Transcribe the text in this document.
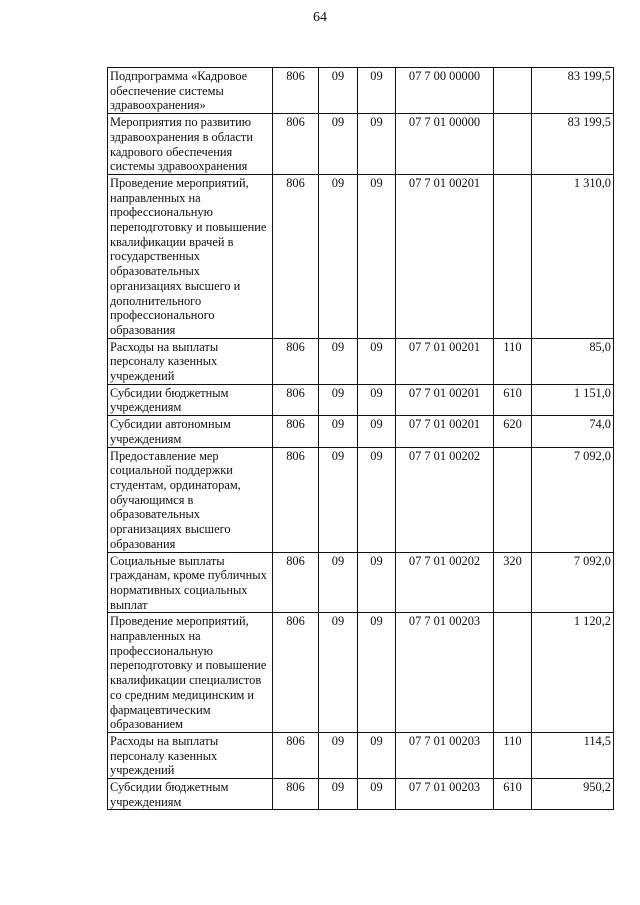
64
Подпрограмма «Кадровое обеспечение системы здравоохранения»	806	09	09	07 7 00 00000		83 199,5
Мероприятия по развитию здравоохранения в области кадрового обеспечения системы здравоохранения	806	09	09	07 7 01 00000		83 199,5
Проведение мероприятий, направленных на профессиональную переподготовку и повышение квалификации врачей в государственных образовательных организациях высшего и дополнительного профессионального образования	806	09	09	07 7 01 00201		1 310,0
Расходы на выплаты персоналу казенных учреждений	806	09	09	07 7 01 00201	110	85,0
Субсидии бюджетным учреждениям	806	09	09	07 7 01 00201	610	1 151,0
Субсидии автономным учреждениям	806	09	09	07 7 01 00201	620	74,0
Предоставление мер социальной поддержки студентам, ординаторам, обучающимся в образовательных организациях высшего образования	806	09	09	07 7 01 00202		7 092,0
Социальные выплаты гражданам, кроме публичных нормативных социальных выплат	806	09	09	07 7 01 00202	320	7 092,0
Проведение мероприятий, направленных на профессиональную переподготовку и повышение квалификации специалистов со средним медицинским и фармацевтическим образованием	806	09	09	07 7 01 00203		1 120,2
Расходы на выплаты персоналу казенных учреждений	806	09	09	07 7 01 00203	110	114,5
Субсидии бюджетным учреждениям	806	09	09	07 7 01 00203	610	950,2
